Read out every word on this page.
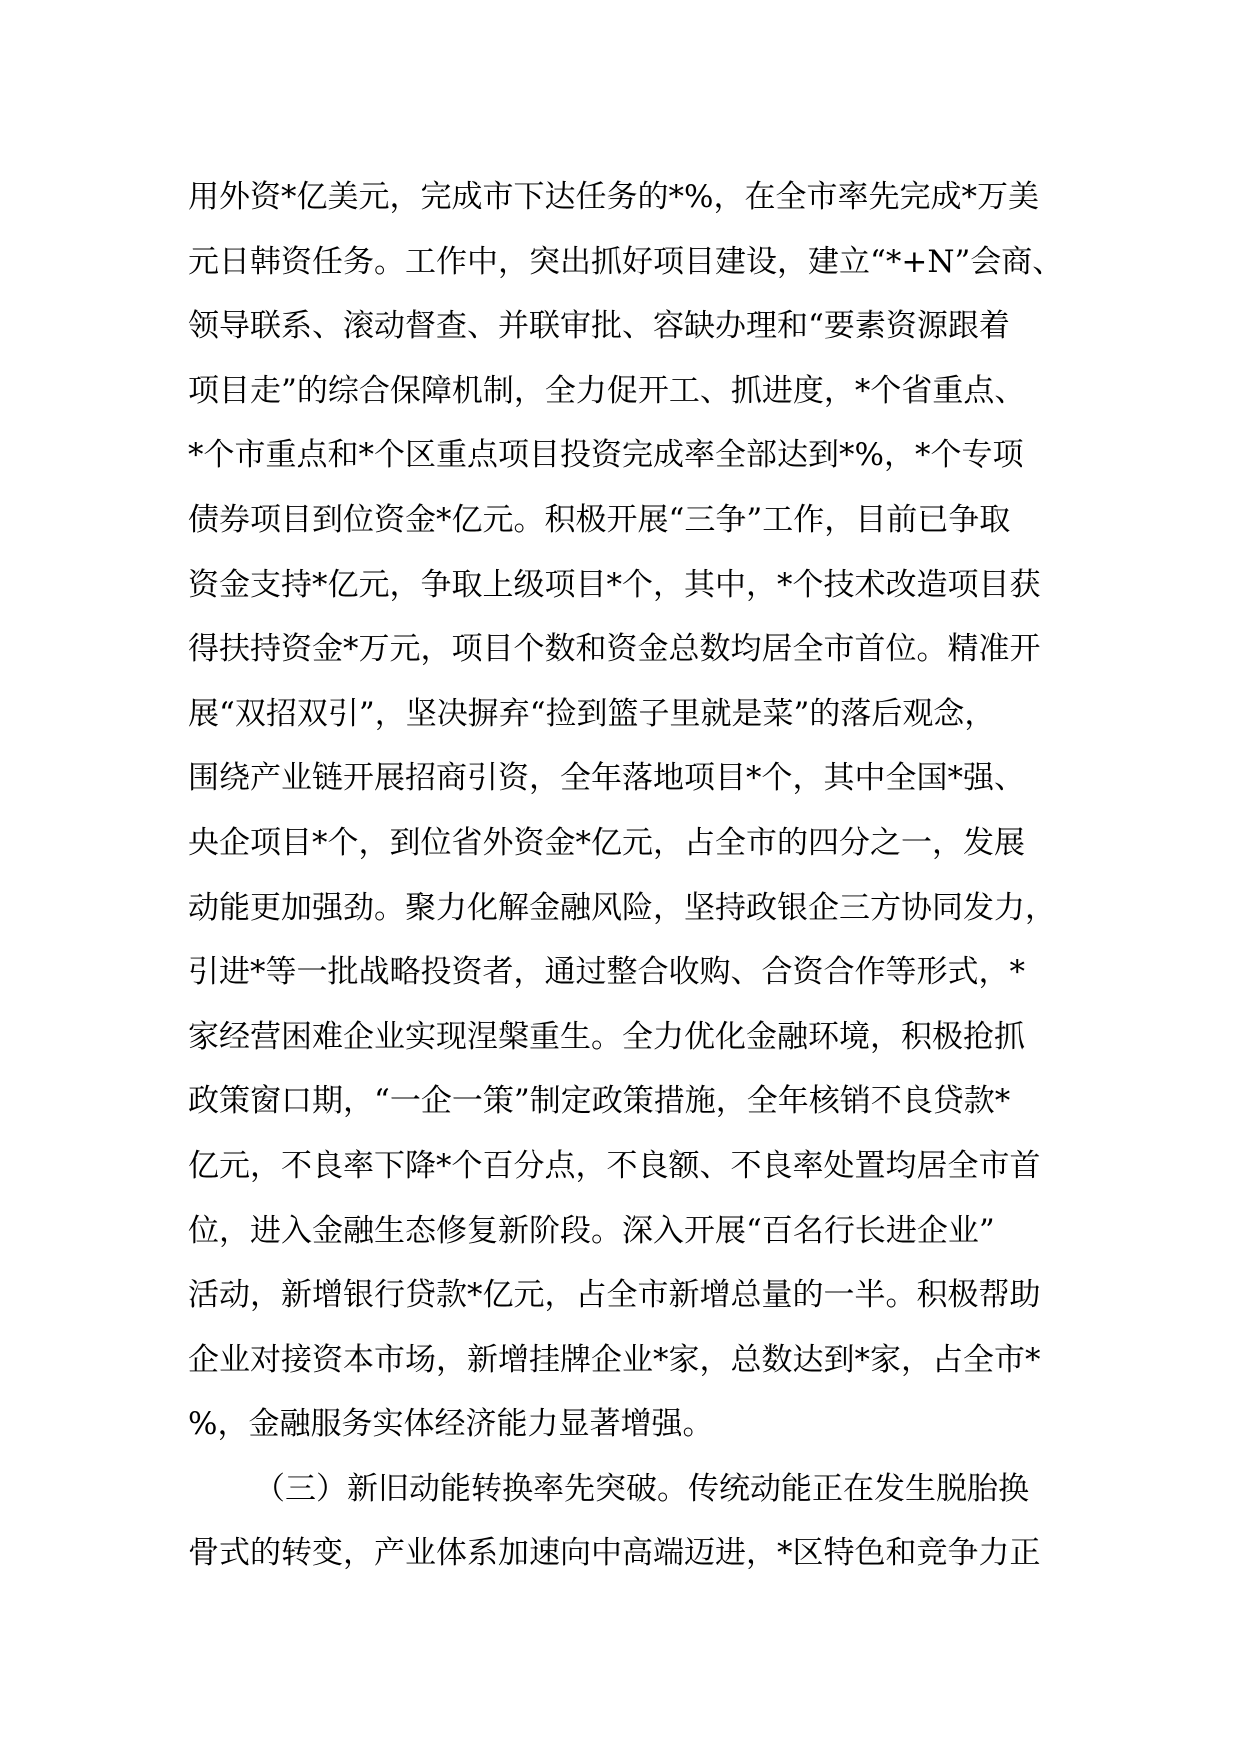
用外资*亿美元，完成市下达任务的*%，在全市率先完成*万美
元日韩资任务。工作中，突出抓好项目建设，建立“*+N”会商、
领导联系、滚动督查、并联审批、容缺办理和“要素资源跟着
项目走”的综合保障机制，全力促开工、抓进度，*个省重点、
*个市重点和*个区重点项目投资完成率全部达到*%，*个专项
债券项目到位资金*亿元。积极开展“三争”工作，目前已争取
资金支持*亿元，争取上级项目*个，其中，*个技术改造项目获
得扶持资金*万元，项目个数和资金总数均居全市首位。精准开
展“双招双引”，坚决摒弃“捡到篮子里就是菜”的落后观念，
围绕产业链开展招商引资，全年落地项目*个，其中全国*强、
央企项目*个，到位省外资金*亿元，占全市的四分之一，发展
动能更加强劲。聚力化解金融风险，坚持政银企三方协同发力，
引进*等一批战略投资者，通过整合收购、合资合作等形式，*
家经营困难企业实现涅槃重生。全力优化金融环境，积极抢抓
政策窗口期，“一企一策”制定政策措施，全年核销不良贷款*
亿元，不良率下降*个百分点，不良额、不良率处置均居全市首
位，进入金融生态修复新阶段。深入开展“百名行长进企业”
活动，新增银行贷款*亿元，占全市新增总量的一半。积极帮助
企业对接资本市场，新增挂牌企业*家，总数达到*家，占全市*
%，金融服务实体经济能力显著增强。
（三）新旧动能转换率先突破。传统动能正在发生脱胎换
骨式的转变，产业体系加速向中高端迈进，*区特色和竞争力正
